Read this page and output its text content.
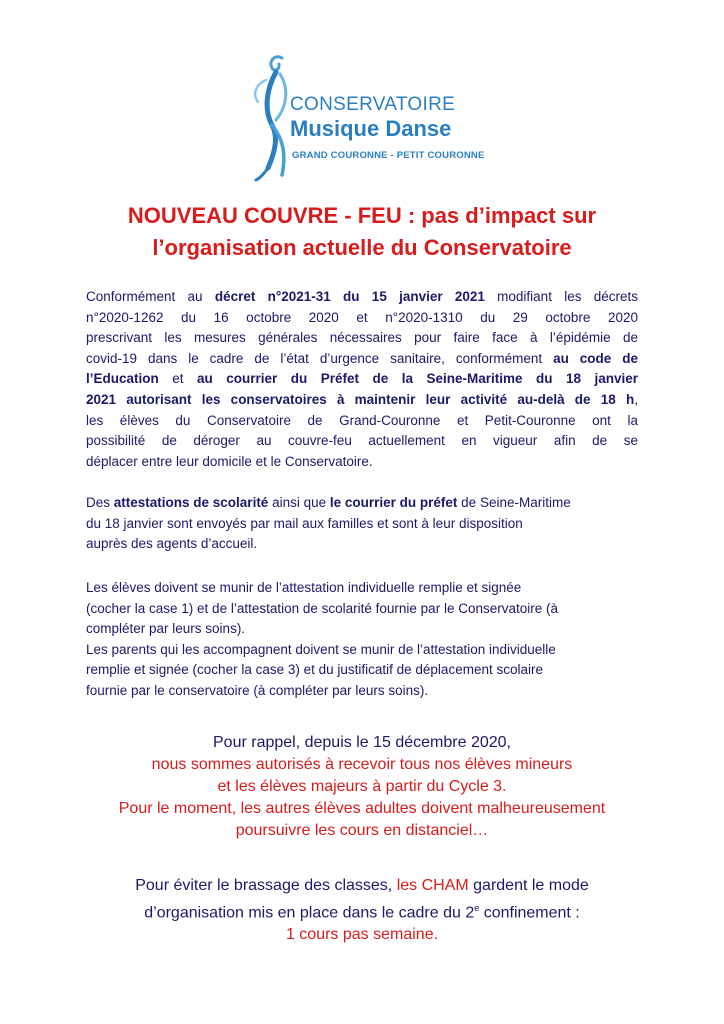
CONSERVATOIRE
Musique Danse
GRAND COURONNE - PETIT COURONNE
NOUVEAU COUVRE - FEU : pas d’impact sur
l’organisation actuelle du Conservatoire
Conformément au décret n°2021-31 du 15 janvier 2021 modifiant les décrets
n°2020-1262 du 16 octobre 2020 et n°2020-1310 du 29 octobre 2020
prescrivant les mesures générales nécessaires pour faire face à l’épidémie de
covid-19 dans le cadre de l’état d’urgence sanitaire, conformément au code de
l’Education et au courrier du Préfet de la Seine-Maritime du 18 janvier
2021 autorisant les conservatoires à maintenir leur activité au-delà de 18 h,
les élèves du Conservatoire de Grand-Couronne et Petit-Couronne ont la
possibilité de déroger au couvre-feu actuellement en vigueur afin de se
déplacer entre leur domicile et le Conservatoire.
Des attestations de scolarité ainsi que le courrier du préfet de Seine-Maritime
du 18 janvier sont envoyés par mail aux familles et sont à leur disposition
auprès des agents d’accueil.
Les élèves doivent se munir de l’attestation individuelle remplie et signée
(cocher la case 1) et de l’attestation de scolarité fournie par le Conservatoire (à
compléter par leurs soins).
Les parents qui les accompagnent doivent se munir de l’attestation individuelle
remplie et signée (cocher la case 3) et du justificatif de déplacement scolaire
fournie par le conservatoire (à compléter par leurs soins).
Pour rappel, depuis le 15 décembre 2020,
nous sommes autorisés à recevoir tous nos élèves mineurs
et les élèves majeurs à partir du Cycle 3.
Pour le moment, les autres élèves adultes doivent malheureusement
poursuivre les cours en distanciel…
Pour éviter le brassage des classes, les CHAM gardent le mode
d’organisation mis en place dans le cadre du 2e confinement :
1 cours pas semaine.
